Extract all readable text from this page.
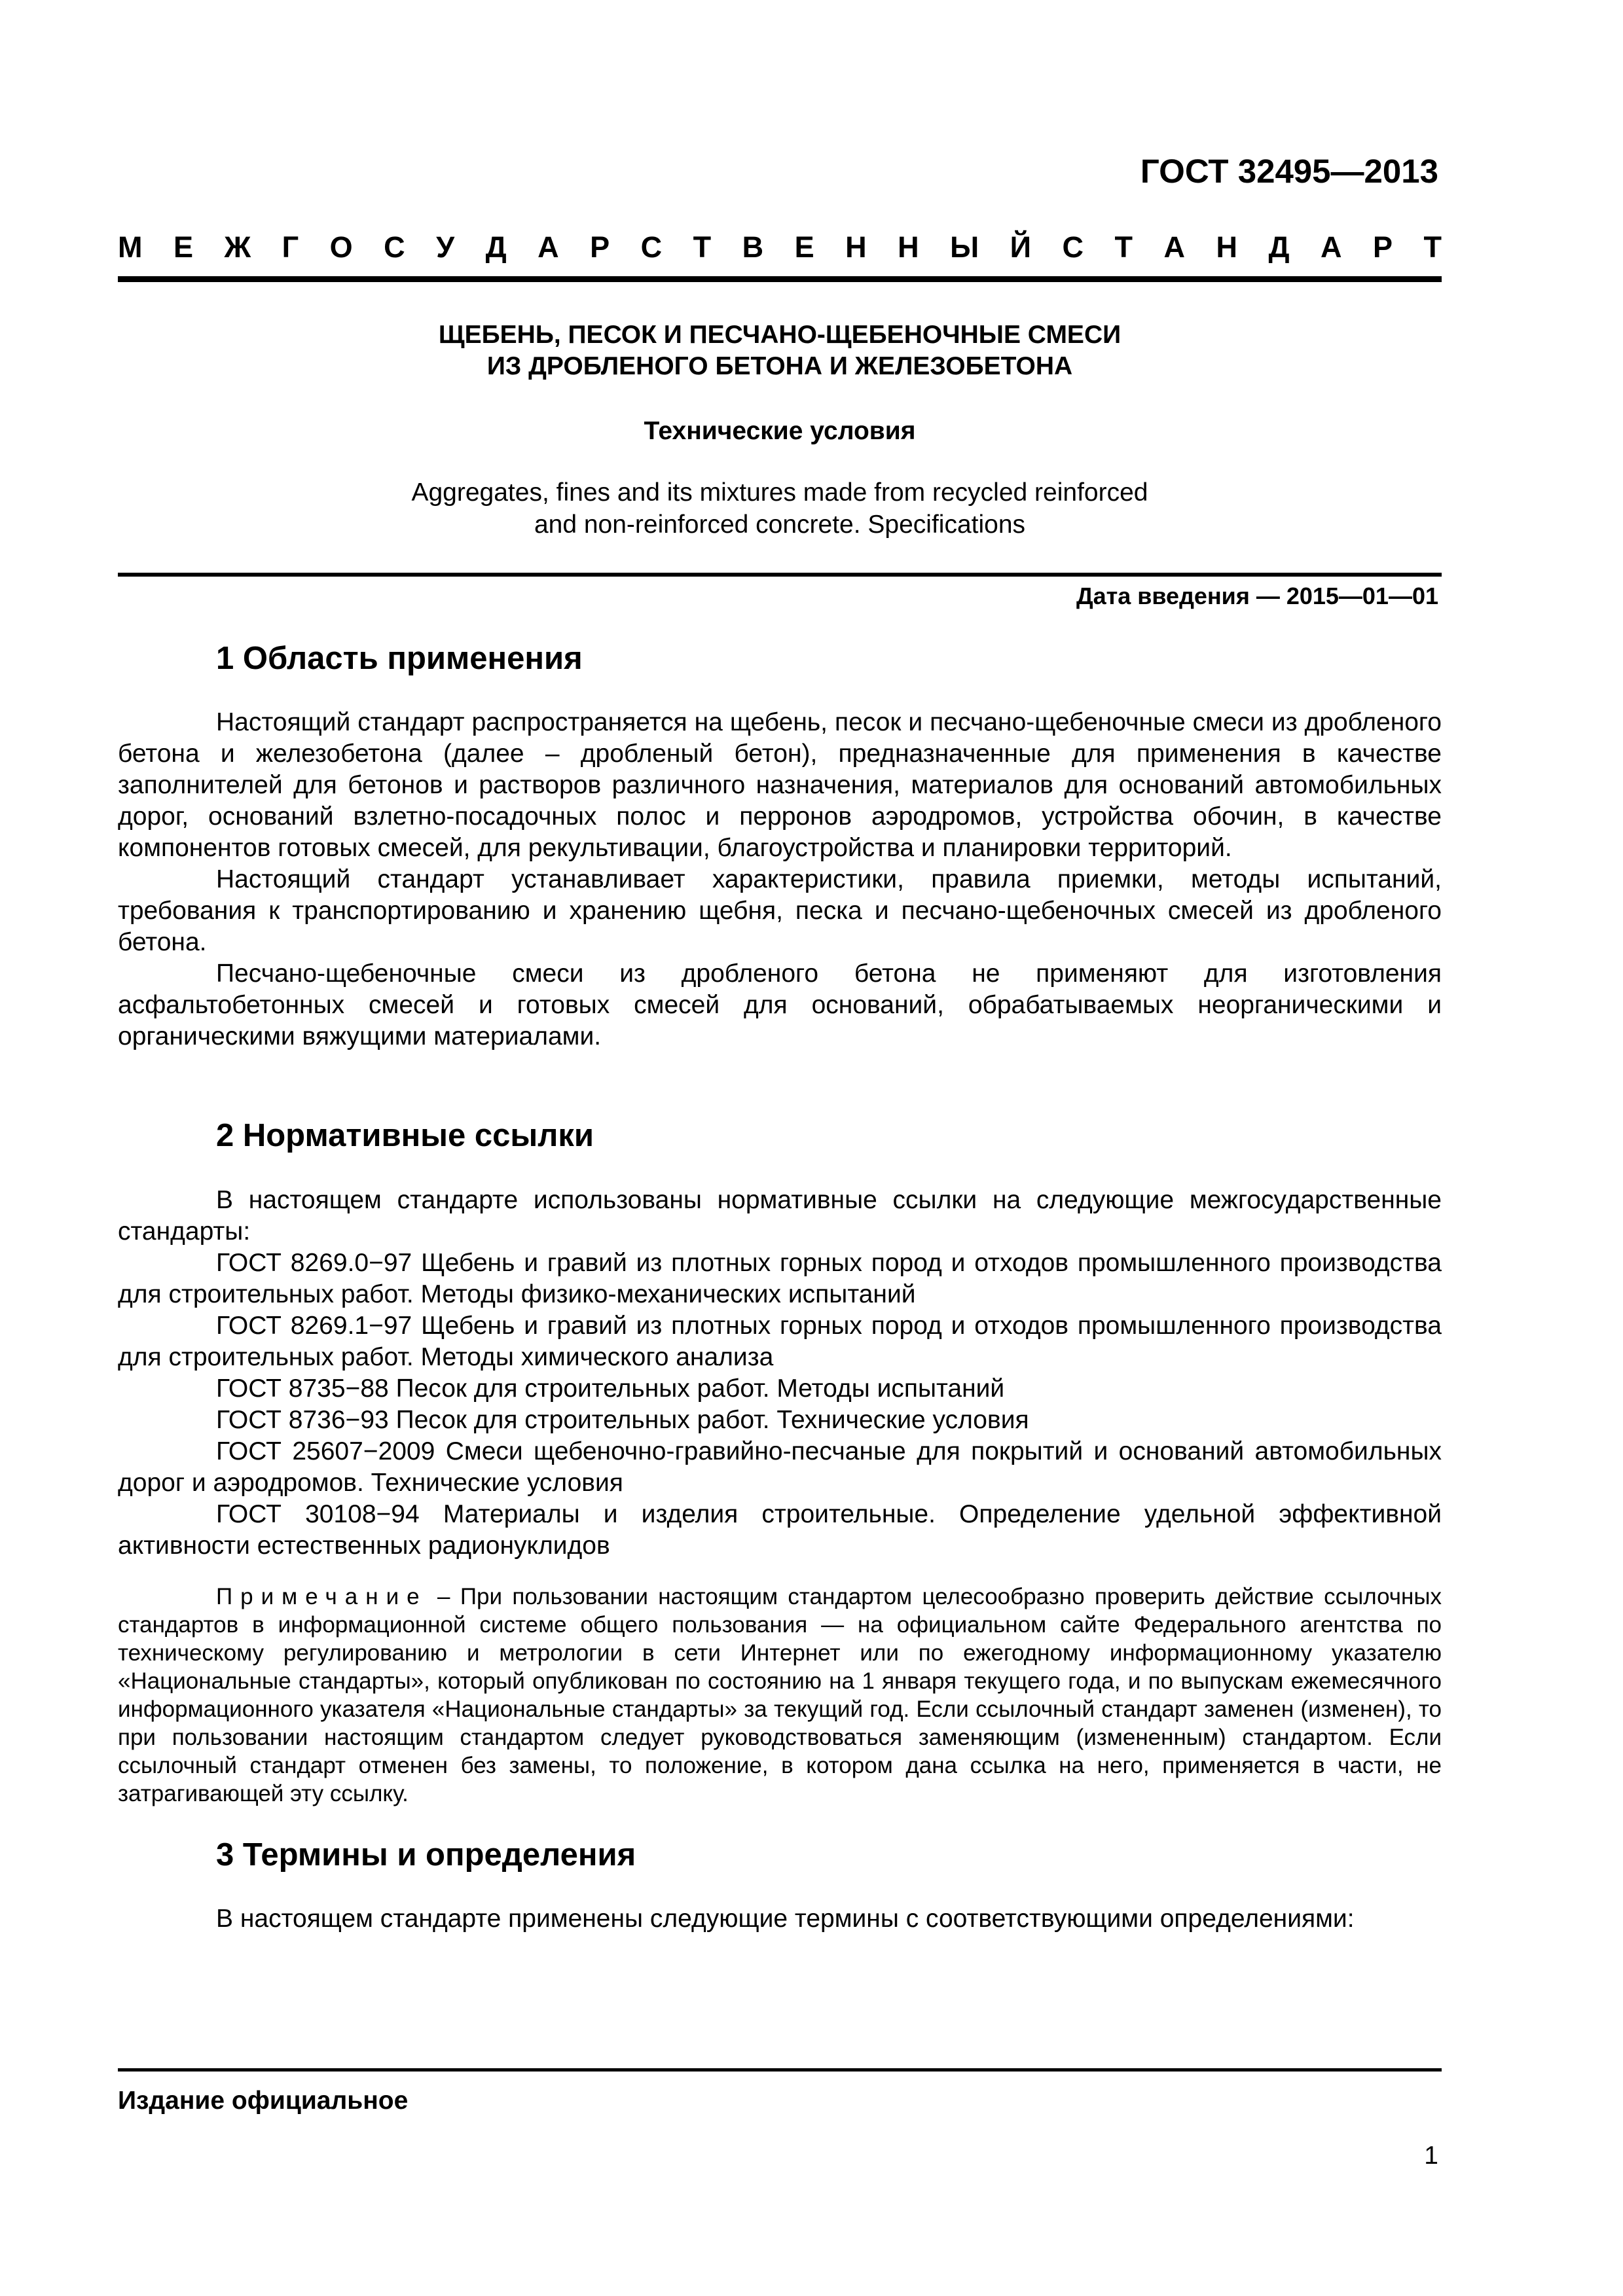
ГОСТ 32495—2013
М Е Ж Г О С У Д А Р С Т В Е Н Н Ы Й С Т А Н Д А Р Т
ЩЕБЕНЬ, ПЕСОК И ПЕСЧАНО-ЩЕБЕНОЧНЫЕ СМЕСИ
ИЗ ДРОБЛЕНОГО БЕТОНА И ЖЕЛЕЗОБЕТОНА
Технические условия
Aggregates, fines and its mixtures made from recycled reinforced
and non-reinforced concrete. Specifications
Дата введения — 2015—01—01
1 Область применения

Настоящий стандарт распространяется на щебень, песок и песчано-щебеночные смеси из дробленого бетона и железобетона (далее – дробленый бетон), предназначенные для применения в качестве заполнителей для бетонов и растворов различного назначения, материалов для оснований автомобильных дорог, оснований взлетно-посадочных полос и перронов аэродромов, устройства обочин, в качестве компонентов готовых смесей, для рекультивации, благоустройства и планировки территорий.

Настоящий стандарт устанавливает характеристики, правила приемки, методы испытаний, требования к транспортированию и хранению щебня, песка и песчано-щебеночных смесей из дробленого бетона.

Песчано-щебеночные смеси из дробленого бетона не применяют для изготовления асфальтобетонных смесей и готовых смесей для оснований, обрабатываемых неорганическими и органическими вяжущими материалами.

2 Нормативные ссылки

В настоящем стандарте использованы нормативные ссылки на следующие межгосударственные стандарты:

ГОСТ 8269.0−97 Щебень и гравий из плотных горных пород и отходов промышленного производства для строительных работ. Методы физико-механических испытаний

ГОСТ 8269.1−97 Щебень и гравий из плотных горных пород и отходов промышленного производства для строительных работ. Методы химического анализа

ГОСТ 8735−88 Песок для строительных работ. Методы испытаний

ГОСТ 8736−93 Песок для строительных работ. Технические условия

ГОСТ 25607−2009 Смеси щебеночно-гравийно-песчаные для покрытий и оснований автомобильных дорог и аэродромов. Технические условия

ГОСТ 30108−94 Материалы и изделия строительные. Определение удельной эффективной активности естественных радионуклидов

Примечание – При пользовании настоящим стандартом целесообразно проверить действие ссылочных стандартов в информационной системе общего пользования — на официальном сайте Федерального агентства по техническому регулированию и метрологии в сети Интернет или по ежегодному информационному указателю «Национальные стандарты», который опубликован по состоянию на 1 января текущего года, и по выпускам ежемесячного информационного указателя «Национальные стандарты» за текущий год. Если ссылочный стандарт заменен (изменен), то при пользовании настоящим стандартом следует руководствоваться заменяющим (измененным) стандартом. Если ссылочный стандарт отменен без замены, то положение, в котором дана ссылка на него, применяется в части, не затрагивающей эту ссылку.

3 Термины и определения

В настоящем стандарте применены следующие термины с соответствующими определениями:

Издание официальное
1
